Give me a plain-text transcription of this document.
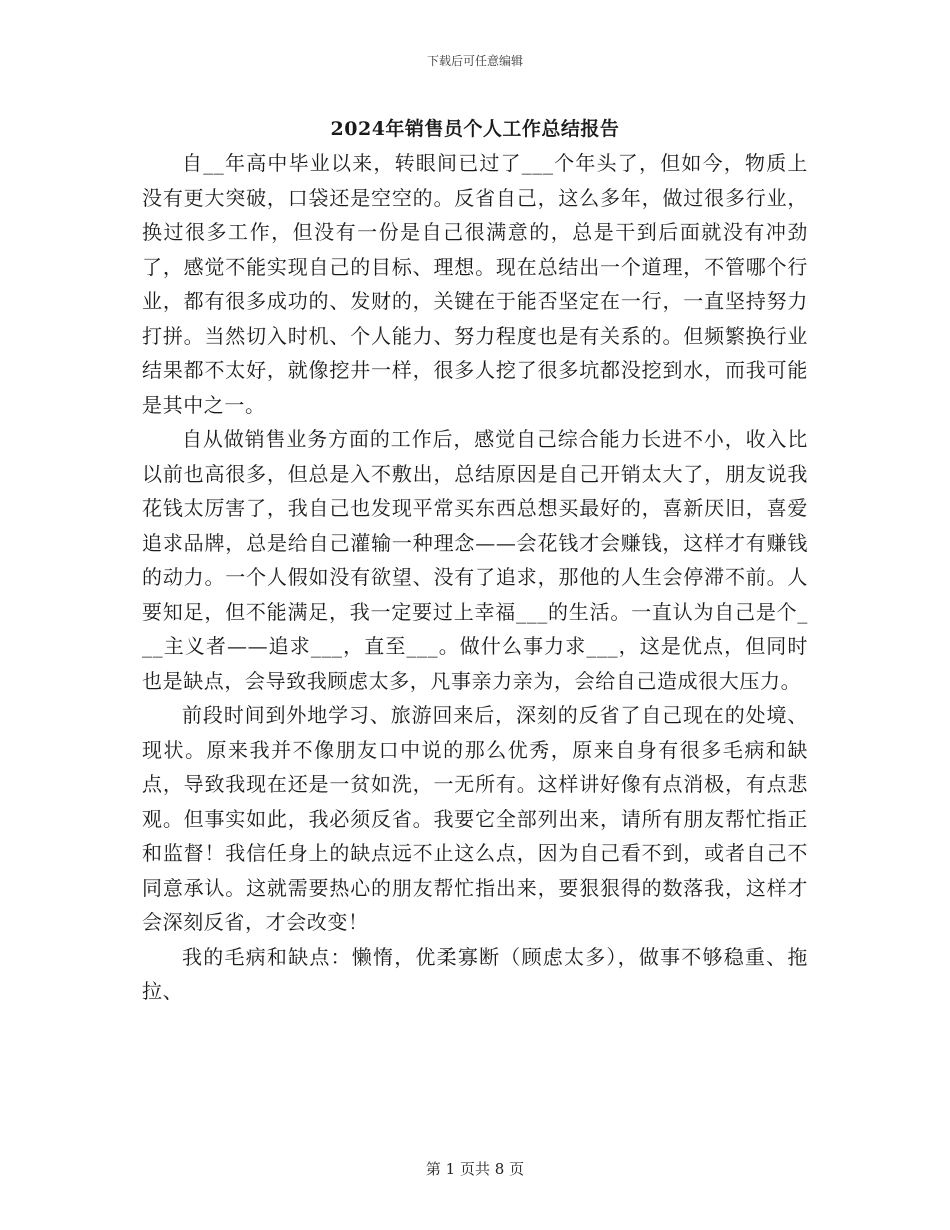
下载后可任意编辑
2024年销售员个人工作总结报告

自__年高中毕业以来，转眼间已过了___个年头了，但如今，物质上没有更大突破，口袋还是空空的。反省自己，这么多年，做过很多行业，换过很多工作，但没有一份是自己很满意的，总是干到后面就没有冲劲了，感觉不能实现自己的目标、理想。现在总结出一个道理，不管哪个行业，都有很多成功的、发财的，关键在于能否坚定在一行，一直坚持努力打拼。当然切入时机、个人能力、努力程度也是有关系的。但频繁换行业结果都不太好，就像挖井一样，很多人挖了很多坑都没挖到水，而我可能是其中之一。

自从做销售业务方面的工作后，感觉自己综合能力长进不小，收入比以前也高很多，但总是入不敷出，总结原因是自己开销太大了，朋友说我花钱太厉害了，我自己也发现平常买东西总想买最好的，喜新厌旧，喜爱追求品牌，总是给自己灌输一种理念——会花钱才会赚钱，这样才有赚钱的动力。一个人假如没有欲望、没有了追求，那他的人生会停滞不前。人要知足，但不能满足，我一定要过上幸福___的生活。一直认为自己是个___主义者——追求___，直至___。做什么事力求___，这是优点，但同时也是缺点，会导致我顾虑太多，凡事亲力亲为，会给自己造成很大压力。

前段时间到外地学习、旅游回来后，深刻的反省了自己现在的处境、现状。原来我并不像朋友口中说的那么优秀，原来自身有很多毛病和缺点，导致我现在还是一贫如洗，一无所有。这样讲好像有点消极，有点悲观。但事实如此，我必须反省。我要它全部列出来，请所有朋友帮忙指正和监督！我信任身上的缺点远不止这么点，因为自己看不到，或者自己不同意承认。这就需要热心的朋友帮忙指出来，要狠狠得的数落我，这样才会深刻反省，才会改变！

我的毛病和缺点：懒惰，优柔寡断（顾虑太多），做事不够稳重、拖拉、

第 1 页共 8 页
